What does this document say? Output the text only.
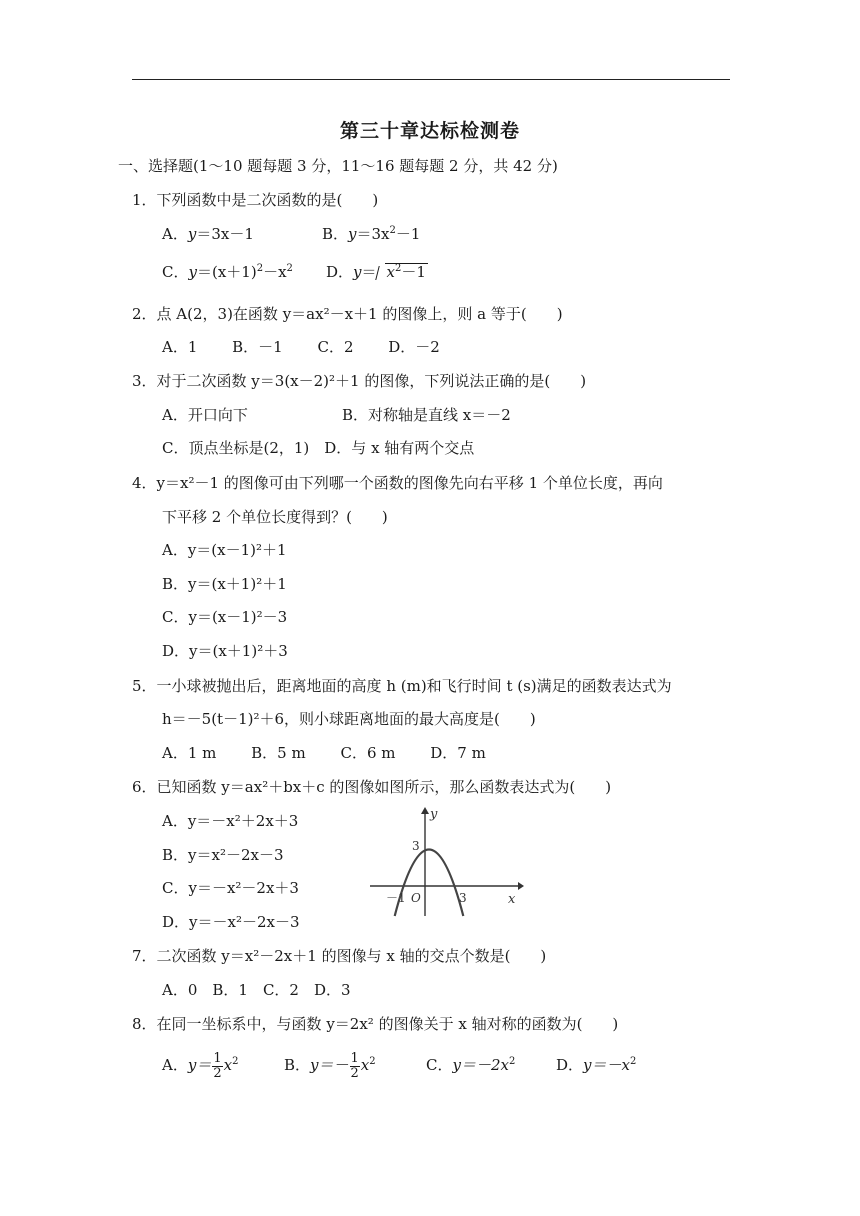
第三十章达标检测卷
一、选择题(1～10 题每题 3 分，11～16 题每题 2 分，共 42 分)
1．下列函数中是二次函数的是(　　)
A．y＝3x－1	B．$y=3x^2-1$
C．$y=(x+1)^2-x^2$ D．$y= x^2-1$
2．点 A(2，3)在函数 y＝ax²－x＋1 的图像上，则 a 等于(　　)
A．1　　 B．－1　　 C．2　　 D．－2
3．对于二次函数 y＝3(x－2)²＋1 的图像，下列说法正确的是(　　)
A．开口向下	B．对称轴是直线 x＝－2
C．顶点坐标是(2，1)　D．与 x 轴有两个交点
4．y＝x²－1 的图像可由下列哪一个函数的图像先向右平移 1 个单位长度，再向
下平移 2 个单位长度得到？(　　)
A．y＝(x－1)²＋1
B．y＝(x＋1)²＋1
C．y＝(x－1)²－3
D．y＝(x＋1)²＋3
5．一小球被抛出后，距离地面的高度 h (m)和飞行时间 t (s)满足的函数表达式为
h＝－5(t－1)²＋6，则小球距离地面的最大高度是(　　)
A．1 m　　 B．5 m　　 C．6 m　　 D．7 m
6．已知函数 y＝ax²＋bx＋c 的图像如图所示，那么函数表达式为(　　)
A．y＝－x²＋2x＋3
B．y＝x²－2x－3
C．y＝－x²－2x＋3
D．y＝－x²－2x－3
y
x
3
－1 O	3
7．二次函数 y＝x²－2x＋1 的图像与 x 轴的交点个数是(　　)
A．0　B．1　C．2　D．3
8．在同一坐标系中，与函数 y＝2x² 的图像关于 x 轴对称的函数为(　　)
A．$y= \frac{1}{2} x^2$	B．$y=- \frac{1}{2} x^2$	C．$y=-2x^2$	D．$y=-x^2$
